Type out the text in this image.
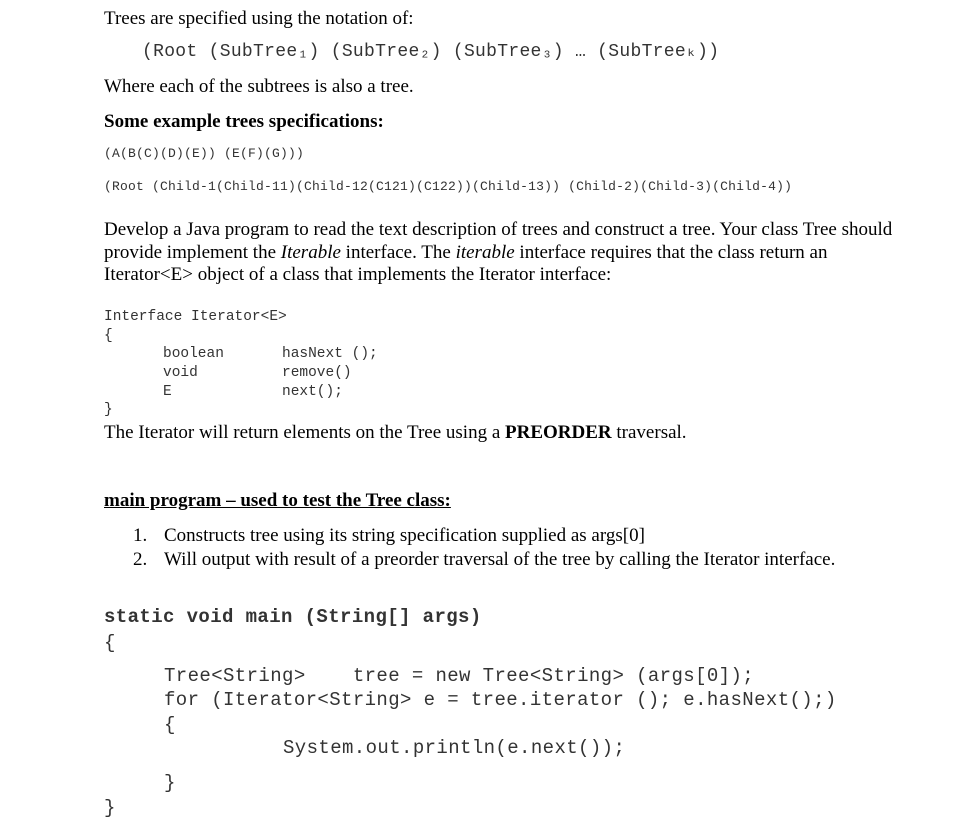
Trees are specified using the notation of:
(Root (SubTree₁) (SubTree₂) (SubTree₃) … (SubTreeₖ))
Where each of the subtrees is also a tree.
Some example trees specifications:
(A(B(C)(D)(E)) (E(F)(G)))
(Root (Child-1(Child-11)(Child-12(C121)(C122))(Child-13)) (Child-2)(Child-3)(Child-4))
Develop a Java program to read the text description of trees and construct a tree. Your class Tree should provide implement the Iterable interface. The iterable interface requires that the class return an Iterator<E> object of a class that implements the Iterator interface:
Interface Iterator<E>
{
boolean	hasNext ();
void	remove()
E	next();
}
The Iterator will return elements on the Tree using a PREORDER traversal.
main program – used to test the Tree class:
1. Constructs tree using its string specification supplied as args[0]
2. Will output with result of a preorder traversal of the tree by calling the Iterator interface.
static void main (String[] args)
{
Tree<String>    tree = new Tree<String> (args[0]);
for (Iterator<String> e = tree.iterator (); e.hasNext();)
{
System.out.println(e.next());
}
}
